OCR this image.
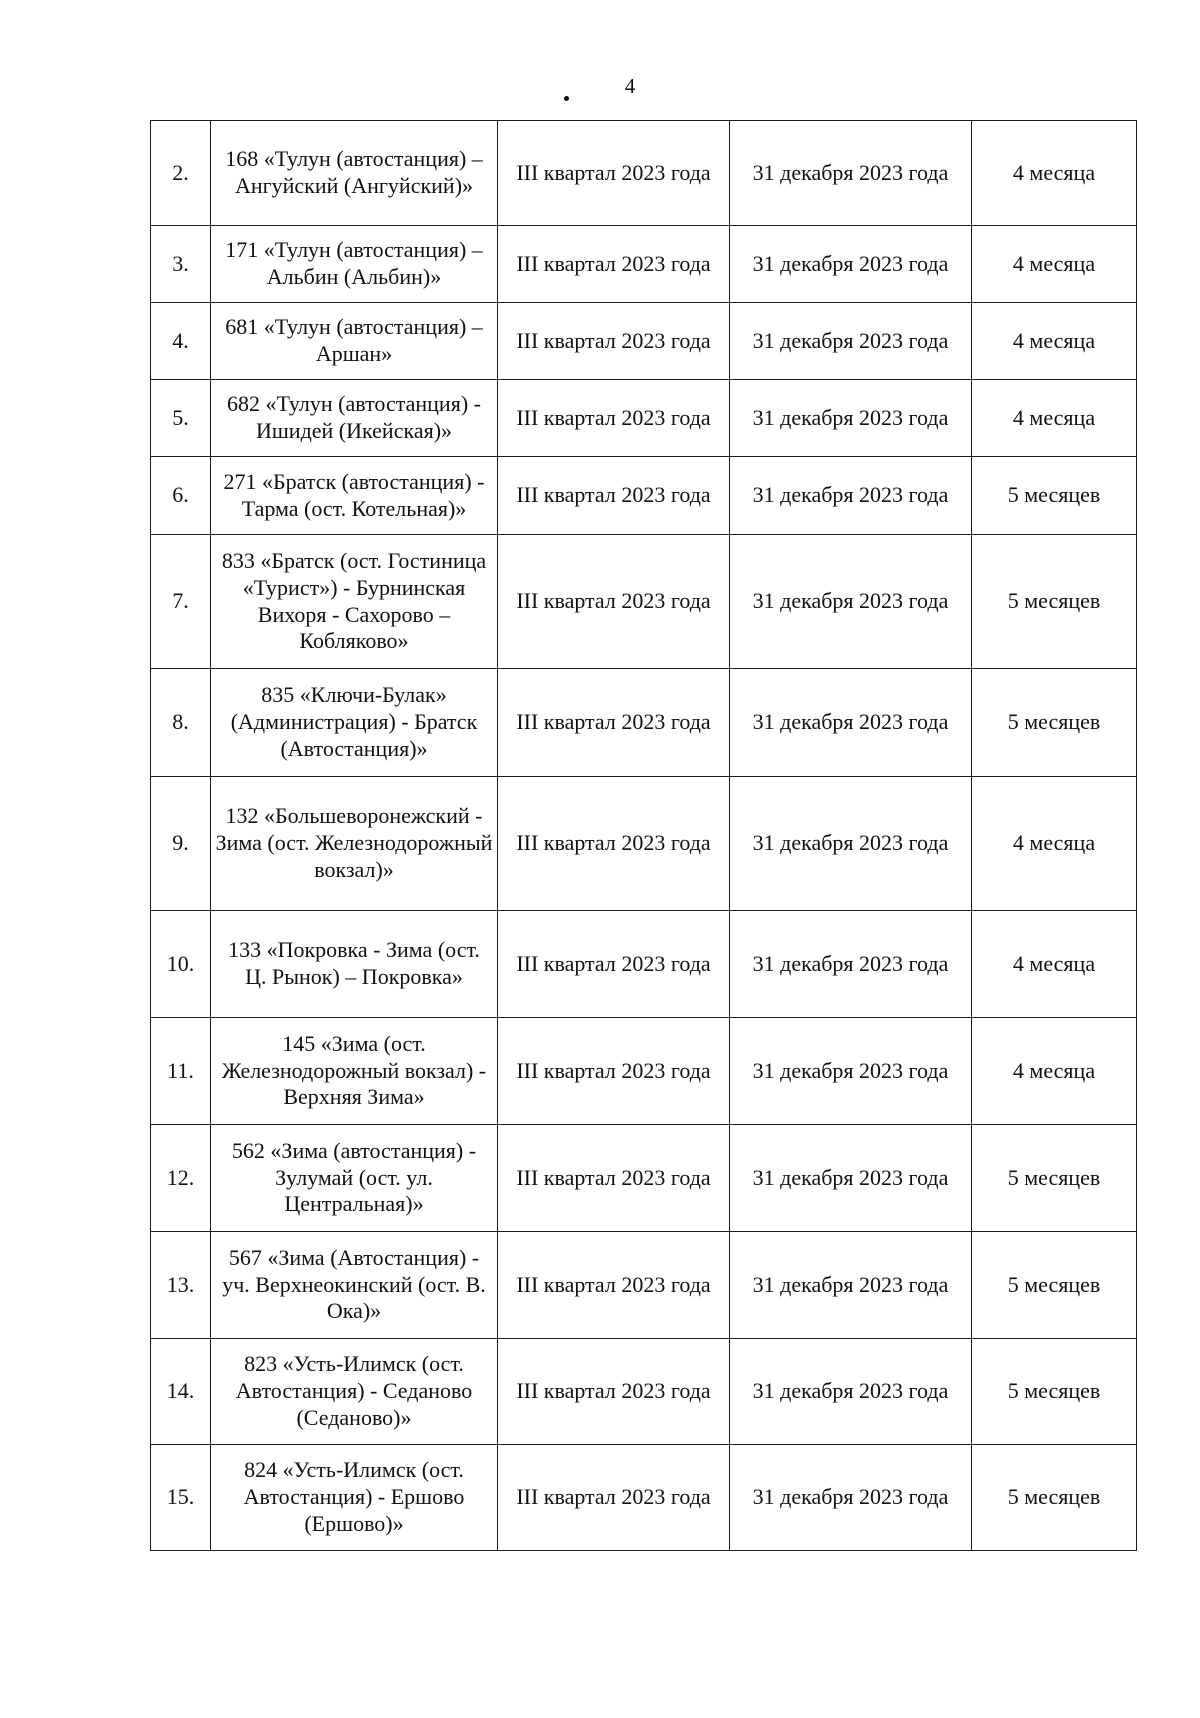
4
2.	168 «Тулун (автостанция) – Ангуйский (Ангуйский)»	III квартал 2023 года	31 декабря 2023 года	4 месяца
3.	171 «Тулун (автостанция) – Альбин (Альбин)»	III квартал 2023 года	31 декабря 2023 года	4 месяца
4.	681 «Тулун (автостанция) – Аршан»	III квартал 2023 года	31 декабря 2023 года	4 месяца
5.	682 «Тулун (автостанция) - Ишидей (Икейская)»	III квартал 2023 года	31 декабря 2023 года	4 месяца
6.	271 «Братск (автостанция) - Тарма (ост. Котельная)»	III квартал 2023 года	31 декабря 2023 года	5 месяцев
7.	833 «Братск (ост. Гостиница «Турист») - Бурнинская Вихоря - Сахорово – Кобляково»	III квартал 2023 года	31 декабря 2023 года	5 месяцев
8.	835 «Ключи-Булак» (Администрация) - Братск (Автостанция)»	III квартал 2023 года	31 декабря 2023 года	5 месяцев
9.	132 «Большеворонежский - Зима (ост. Железнодорожный вокзал)»	III квартал 2023 года	31 декабря 2023 года	4 месяца
10.	133 «Покровка - Зима (ост. Ц. Рынок) – Покровка»	III квартал 2023 года	31 декабря 2023 года	4 месяца
11.	145 «Зима (ост. Железнодорожный вокзал) - Верхняя Зима»	III квартал 2023 года	31 декабря 2023 года	4 месяца
12.	562 «Зима (автостанция) - Зулумай (ост. ул. Центральная)»	III квартал 2023 года	31 декабря 2023 года	5 месяцев
13.	567 «Зима (Автостанция) - уч. Верхнеокинский (ост. В. Ока)»	III квартал 2023 года	31 декабря 2023 года	5 месяцев
14.	823 «Усть-Илимск (ост. Автостанция) - Седаново (Седаново)»	III квартал 2023 года	31 декабря 2023 года	5 месяцев
15.	824 «Усть-Илимск (ост. Автостанция) - Ершово (Ершово)»	III квартал 2023 года	31 декабря 2023 года	5 месяцев
